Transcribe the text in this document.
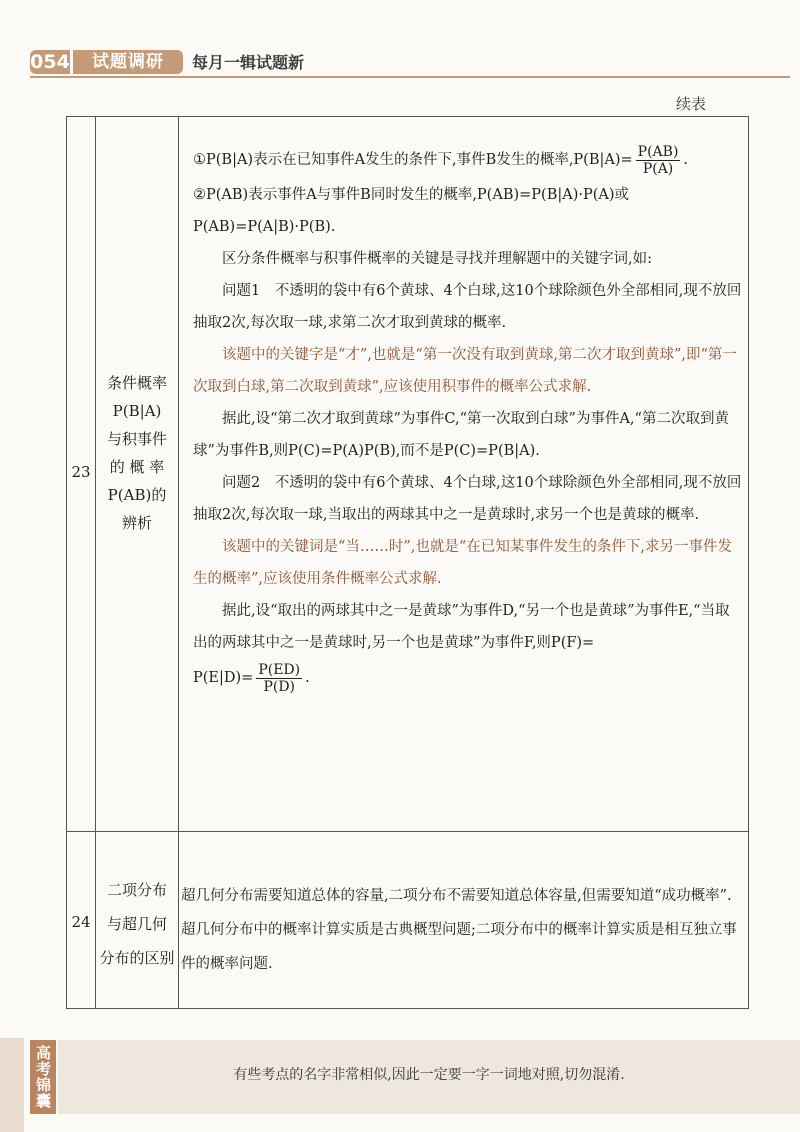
054	试题调研	每月一辑试题新
续表
23
条件概率
P(B|A)
与积事件
的 概 率
P(AB)的
辨析

①P(B|A)表示在已知事件A发生的条件下,事件B发生的概率$,P(B|A)= \frac{P(AB)}{P(A)}$ .

②P(AB)表示事件A与事件B同时发生的概率,P(AB)=P(B|A)·P(A)或P(AB)=P(A|B)·P(B).

区分条件概率与积事件概率的关键是寻找并理解题中的关键字词,如:

问题1　不透明的袋中有6个黄球、4个白球,这10个球除颜色外全部相同,现不放回抽取2次,每次取一球,求第二次才取到黄球的概率.

该题中的关键字是“才”,也就是“第一次没有取到黄球,第二次才取到黄球”,即“第一次取到白球,第二次取到黄球”,应该使用积事件的概率公式求解.

据此,设“第二次才取到黄球”为事件C,“第一次取到白球”为事件A,“第二次取到黄球”为事件B,则P(C)=P(A)P(B),而不是P(C)=P(B|A).

问题2　不透明的袋中有6个黄球、4个白球,这10个球除颜色外全部相同,现不放回抽取2次,每次取一球,当取出的两球其中之一是黄球时,求另一个也是黄球的概率.

该题中的关键词是“当……时”,也就是“在已知某事件发生的条件下,求另一事件发生的概率”,应该使用条件概率公式求解.

据此,设“取出的两球其中之一是黄球”为事件D,“另一个也是黄球”为事件E,“当取出的两球其中之一是黄球时,另一个也是黄球”为事件F,则P(F)=

$P(E|D)= \frac{P(ED)}{P(D)}$ .

24
二项分布
与超几何
分布的区别
超几何分布需要知道总体的容量,二项分布不需要知道总体容量,但需要知道“成功概率”.超几何分布中的概率计算实质是古典概型问题;二项分布中的概率计算实质是相互独立事件的概率问题.
有些考点的名字非常相似,因此一定要一字一词地对照,切勿混淆.
高考锦囊
